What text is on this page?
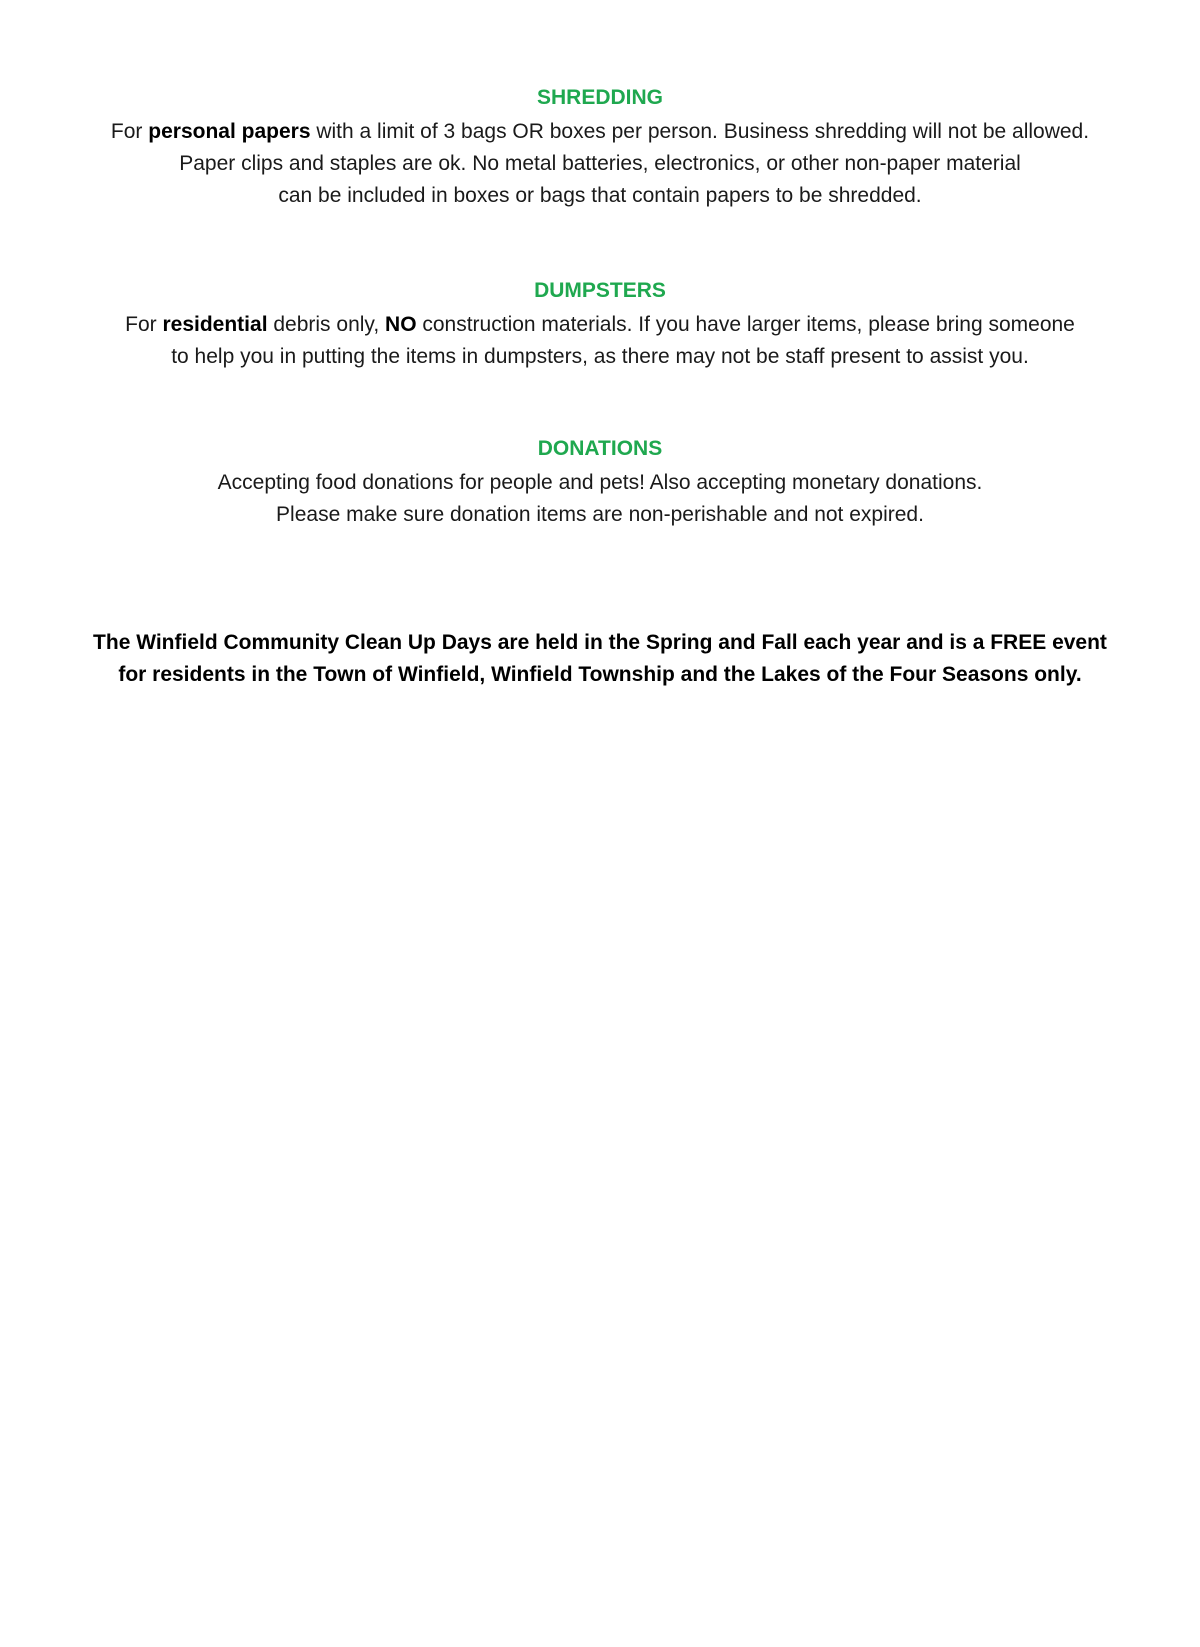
SHREDDING

For personal papers with a limit of 3 bags OR boxes per person. Business shredding will not be allowed.

Paper clips and staples are ok. No metal batteries, electronics, or other non-paper material

can be included in boxes or bags that contain papers to be shredded.

DUMPSTERS

For residential debris only, NO construction materials. If you have larger items, please bring someone

to help you in putting the items in dumpsters, as there may not be staff present to assist you.

DONATIONS

Accepting food donations for people and pets! Also accepting monetary donations.

Please make sure donation items are non-perishable and not expired.

The Winfield Community Clean Up Days are held in the Spring and Fall each year and is a FREE event

for residents in the Town of Winfield, Winfield Township and the Lakes of the Four Seasons only.
